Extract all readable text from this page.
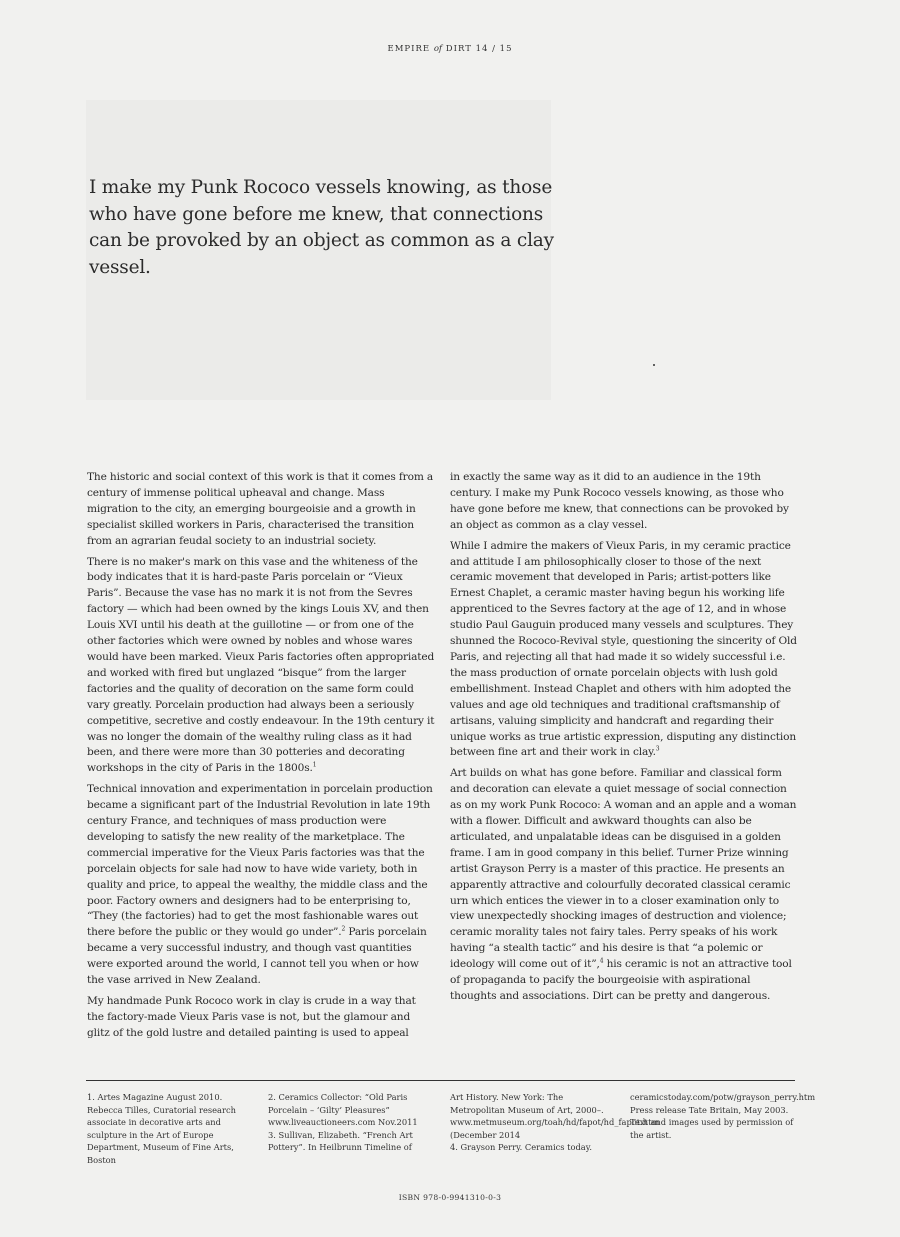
EMPIRE of DIRT 14 / 15
I make my Punk Rococo vessels knowing, as those who have gone before me knew, that connections can be provoked by an object as common as a clay vessel.

The historic and social context of this work is that it comes from a century of immense political upheaval and change. Mass migration to the city, an emerging bourgeoisie and a growth in specialist skilled workers in Paris, characterised the transition from an agrarian feudal society to an industrial society.

There is no maker's mark on this vase and the whiteness of the body indicates that it is hard-paste Paris porcelain or “Vieux Paris”. Because the vase has no mark it is not from the Sevres factory — which had been owned by the kings Louis XV, and then Louis XVI until his death at the guillotine — or from one of the other factories which were owned by nobles and whose wares would have been marked. Vieux Paris factories often appropriated and worked with fired but unglazed “bisque” from the larger factories and the quality of decoration on the same form could vary greatly. Porcelain production had always been a seriously competitive, secretive and costly endeavour. In the 19th century it was no longer the domain of the wealthy ruling class as it had been, and there were more than 30 potteries and decorating workshops in the city of Paris in the 1800s.$^1$

Technical innovation and experimentation in porcelain production became a significant part of the Industrial Revolution in late 19th century France, and techniques of mass production were developing to satisfy the new reality of the marketplace. The commercial imperative for the Vieux Paris factories was that the porcelain objects for sale had now to have wide variety, both in quality and price, to appeal the wealthy, the middle class and the poor. Factory owners and designers had to be enterprising to, “They (the factories) had to get the most fashionable wares out there before the public or they would go under”.$^2$ Paris porcelain became a very successful industry, and though vast quantities were exported around the world, I cannot tell you when or how the vase arrived in New Zealand.

My handmade Punk Rococo work in clay is crude in a way that the factory-made Vieux Paris vase is not, but the glamour and glitz of the gold lustre and detailed painting is used to appeal

in exactly the same way as it did to an audience in the 19th century. I make my Punk Rococo vessels knowing, as those who have gone before me knew, that connections can be provoked by an object as common as a clay vessel.

While I admire the makers of Vieux Paris, in my ceramic practice and attitude I am philosophically closer to those of the next ceramic movement that developed in Paris; artist-potters like Ernest Chaplet, a ceramic master having begun his working life apprenticed to the Sevres factory at the age of 12, and in whose studio Paul Gauguin produced many vessels and sculptures. They shunned the Rococo-Revival style, questioning the sincerity of Old Paris, and rejecting all that had made it so widely successful i.e. the mass production of ornate porcelain objects with lush gold embellishment. Instead Chaplet and others with him adopted the values and age old techniques and traditional craftsmanship of artisans, valuing simplicity and handcraft and regarding their unique works as true artistic expression, disputing any distinction between fine art and their work in clay.$^3$

Art builds on what has gone before. Familiar and classical form and decoration can elevate a quiet message of social connection as on my work Punk Rococo: A woman and an apple and a woman with a flower. Difficult and awkward thoughts can also be articulated, and unpalatable ideas can be disguised in a golden frame. I am in good company in this belief. Turner Prize winning artist Grayson Perry is a master of this practice. He presents an apparently attractive and colourfully decorated classical ceramic urn which entices the viewer in to a closer examination only to view unexpectedly shocking images of destruction and violence; ceramic morality tales not fairy tales. Perry speaks of his work having “a stealth tactic” and his desire is that “a polemic or ideology will come out of it”,$^4$ his ceramic is not an attractive tool of propaganda to pacify the bourgeoisie with aspirational thoughts and associations. Dirt can be pretty and dangerous.

1. Artes Magazine August 2010. Rebecca Tilles, Curatorial research associate in decorative arts and sculpture in the Art of Europe Department, Museum of Fine Arts, Boston

2. Ceramics Collector: “Old Paris Porcelain – ‘Gilty’ Pleasures” www.liveauctioneers.com Nov.2011

3. Sullivan, Elizabeth. “French Art Pottery”. In Heilbrunn Timeline of

Art History. New York: The Metropolitan Museum of Art, 2000–. www.metmuseum.org/toah/hd/fapot/hd_fapot.htm (December 2014

4. Grayson Perry. Ceramics today.

ceramicstoday.com/potw/grayson_perry.htm Press release Tate Britain, May 2003. Text and images used by permission of the artist.

ISBN 978-0-9941310-0-3
